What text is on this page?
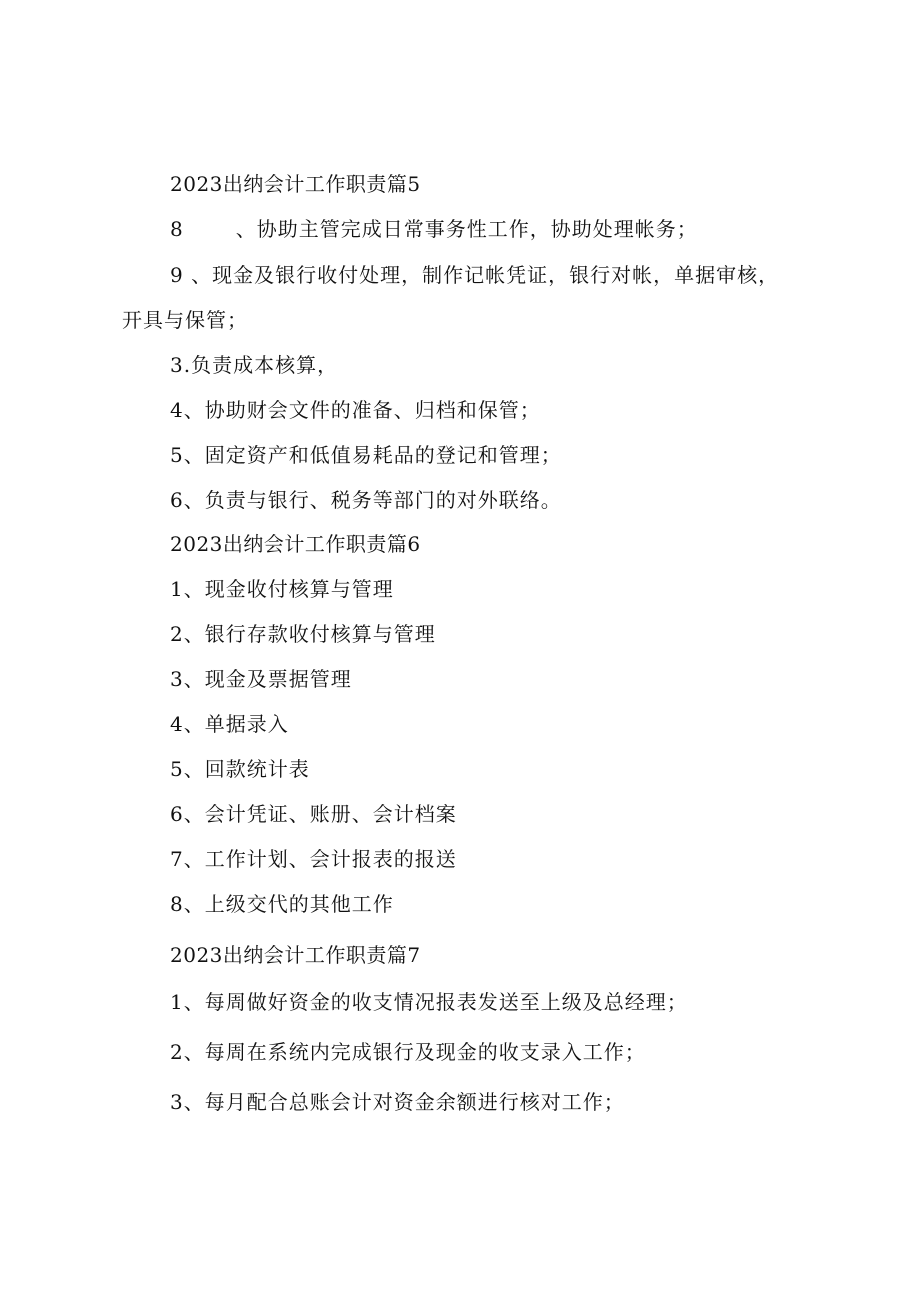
2023出纳会计工作职责篇5
8	、协助主管完成日常事务性工作，协助处理帐务；
9 、现金及银行收付处理，制作记帐凭证，银行对帐，单据审核，
开具与保管；
3.负责成本核算，
4、协助财会文件的准备、归档和保管；
5、固定资产和低值易耗品的登记和管理；
6、负责与银行、税务等部门的对外联络。
2023出纳会计工作职责篇6
1、现金收付核算与管理
2、银行存款收付核算与管理
3、现金及票据管理
4、单据录入
5、回款统计表
6、会计凭证、账册、会计档案
7、工作计划、会计报表的报送
8、上级交代的其他工作
2023出纳会计工作职责篇7
1、每周做好资金的收支情况报表发送至上级及总经理；
2、每周在系统内完成银行及现金的收支录入工作；
3、每月配合总账会计对资金余额进行核对工作；
